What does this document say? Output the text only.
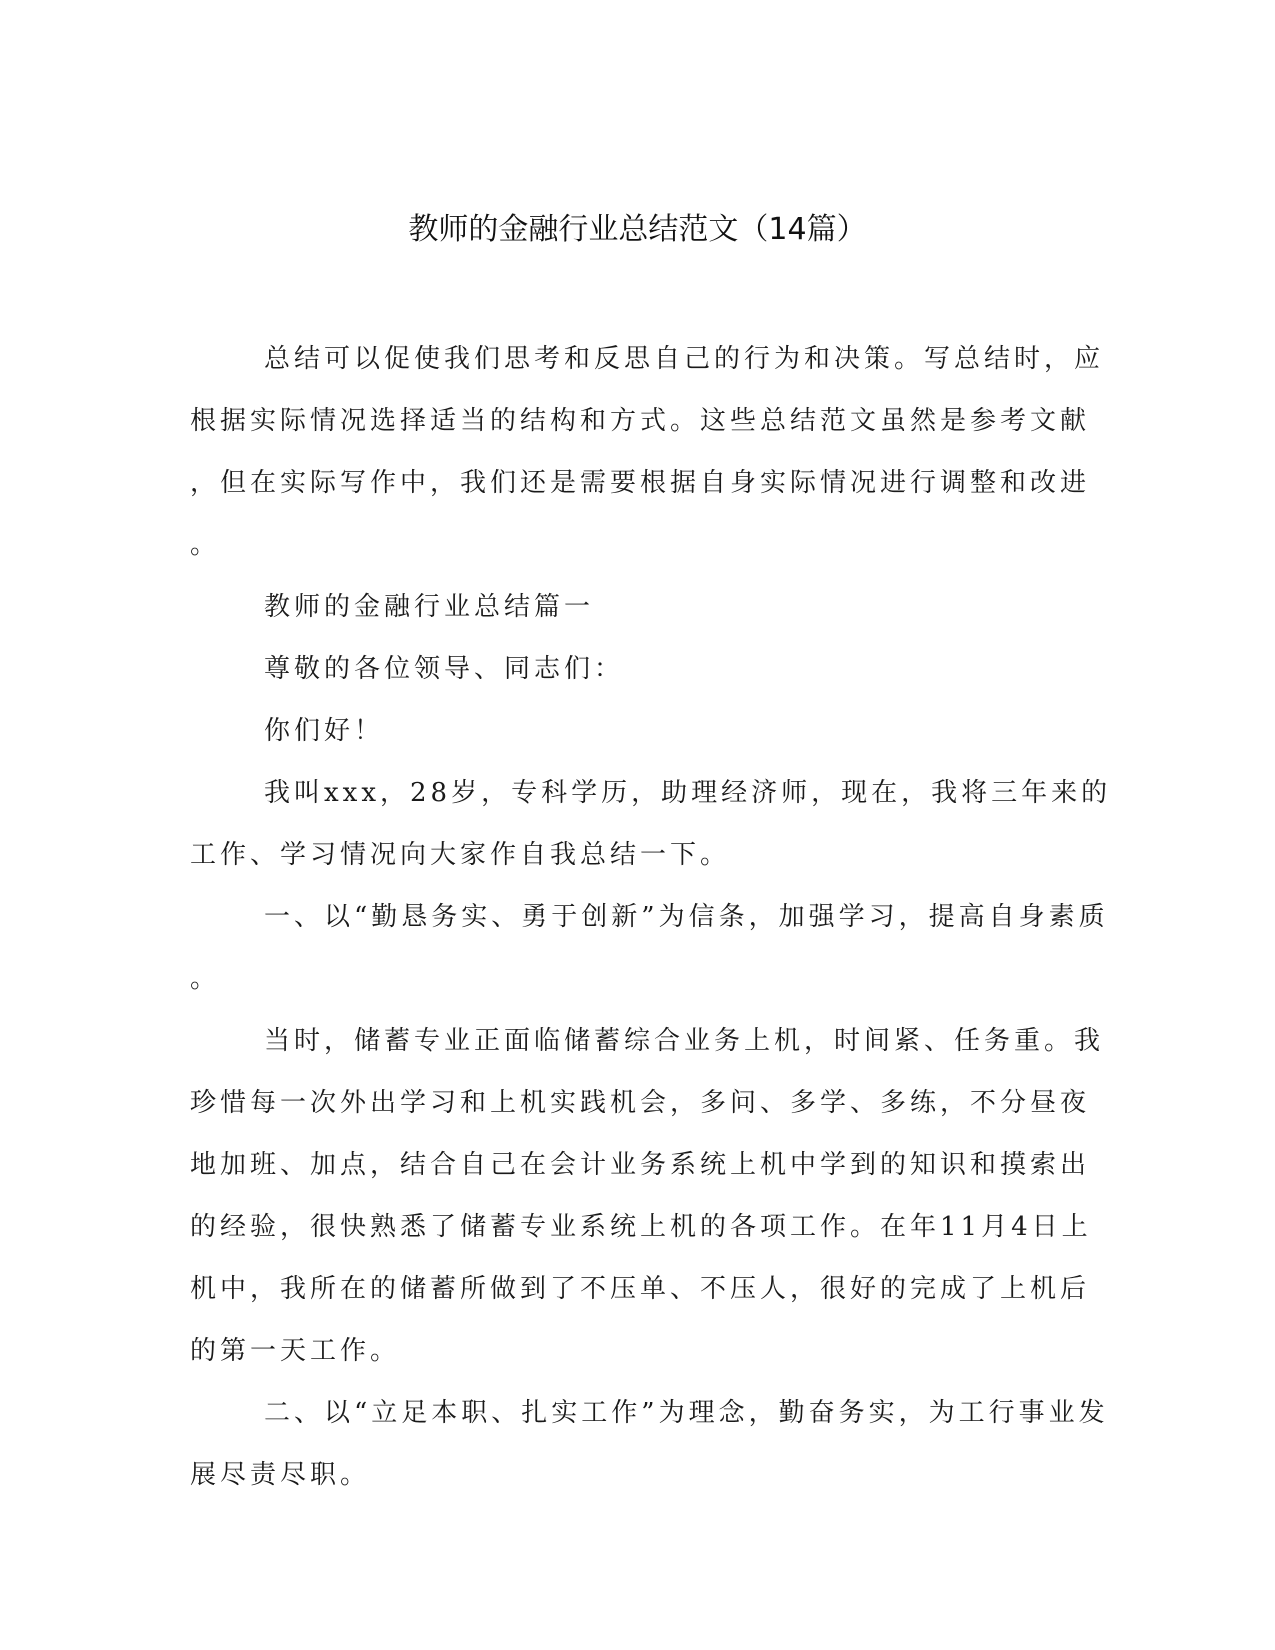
教师的金融行业总结范文（14篇）
总结可以促使我们思考和反思自己的行为和决策。写总结时，应
根据实际情况选择适当的结构和方式。这些总结范文虽然是参考文献
，但在实际写作中，我们还是需要根据自身实际情况进行调整和改进
。
教师的金融行业总结篇一
尊敬的各位领导、同志们：
你们好！
我叫xxx，28岁，专科学历，助理经济师，现在，我将三年来的
工作、学习情况向大家作自我总结一下。
一、以“勤恳务实、勇于创新”为信条，加强学习，提高自身素质
。
当时，储蓄专业正面临储蓄综合业务上机，时间紧、任务重。我
珍惜每一次外出学习和上机实践机会，多问、多学、多练，不分昼夜
地加班、加点，结合自己在会计业务系统上机中学到的知识和摸索出
的经验，很快熟悉了储蓄专业系统上机的各项工作。在年11月4日上
机中，我所在的储蓄所做到了不压单、不压人，很好的完成了上机后
的第一天工作。
二、以“立足本职、扎实工作”为理念，勤奋务实，为工行事业发
展尽责尽职。
